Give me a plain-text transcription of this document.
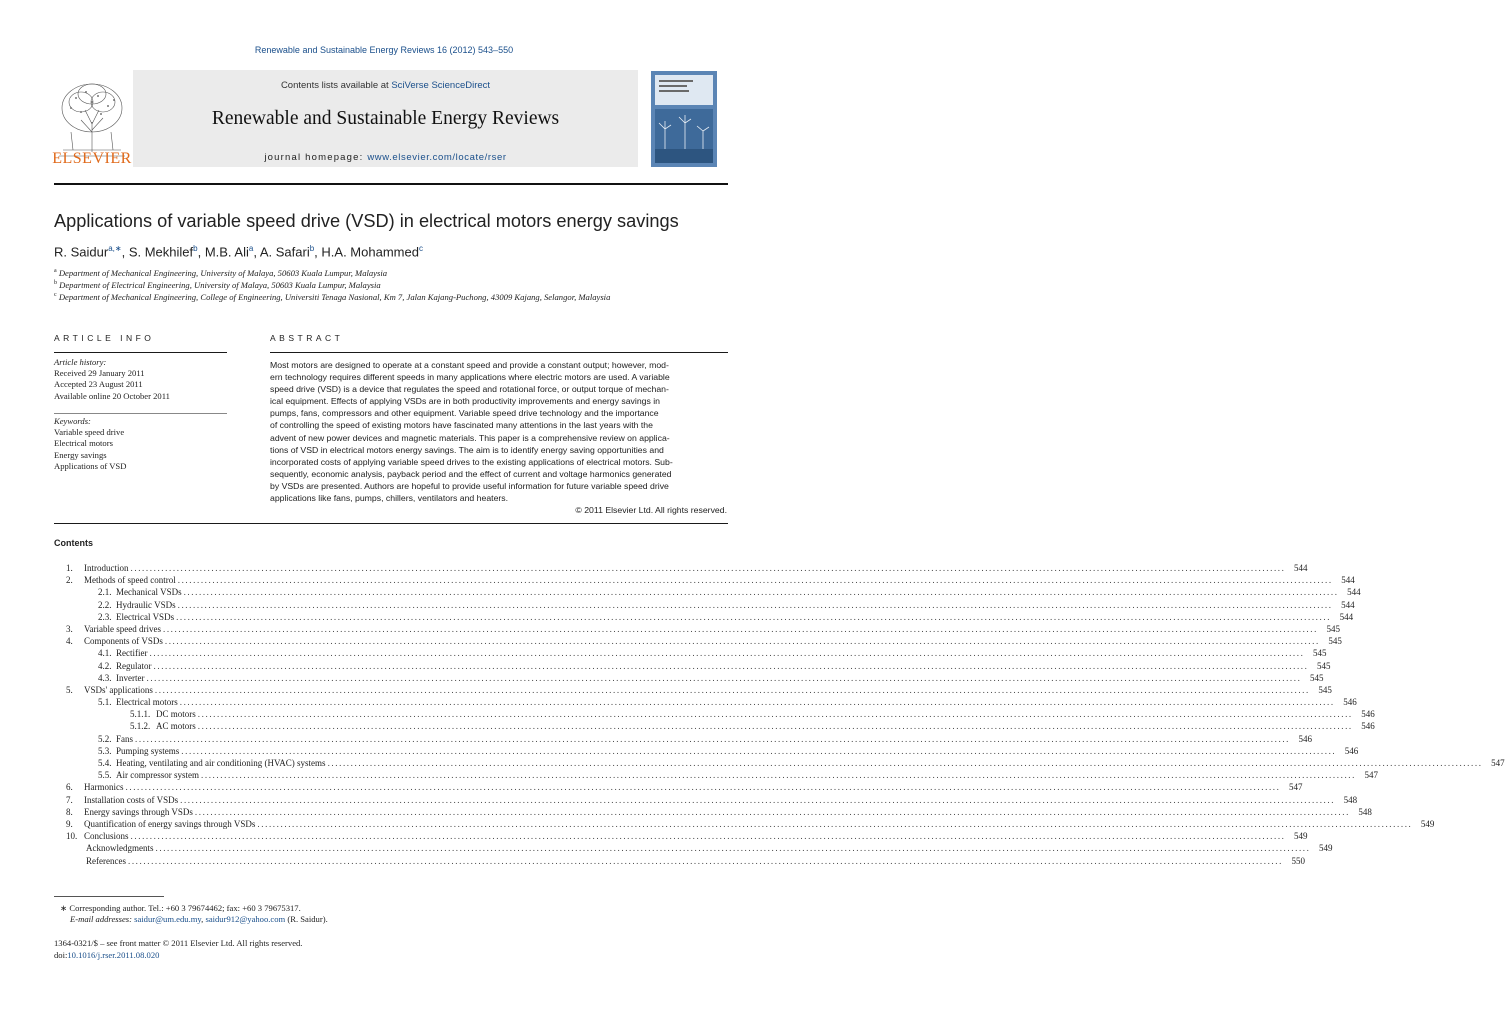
Renewable and Sustainable Energy Reviews 16 (2012) 543–550
ELSEVIER
Contents lists available at SciVerse ScienceDirect
Renewable and Sustainable Energy Reviews
journal homepage: www.elsevier.com/locate/rser
Applications of variable speed drive (VSD) in electrical motors energy savings
R. Saidur$^{a,∗}$, S. Mekhilef$^b$, M.B. Ali$^a$, A. Safari$^b$, H.A. Mohammed$^c$
$^a$ Department of Mechanical Engineering, University of Malaya, 50603 Kuala Lumpur, Malaysia
$^b$ Department of Electrical Engineering, University of Malaya, 50603 Kuala Lumpur, Malaysia
$^c$ Department of Mechanical Engineering, College of Engineering, Universiti Tenaga Nasional, Km 7, Jalan Kajang-Puchong, 43009 Kajang, Selangor, Malaysia
ARTICLE INFO
Article history:
Received 29 January 2011
Accepted 23 August 2011
Available online 20 October 2011
Keywords:
Variable speed drive
Electrical motors
Energy savings
Applications of VSD
ABSTRACT
Most motors are designed to operate at a constant speed and provide a constant output; however, mod-
ern technology requires different speeds in many applications where electric motors are used. A variable
speed drive (VSD) is a device that regulates the speed and rotational force, or output torque of mechan-
ical equipment. Effects of applying VSDs are in both productivity improvements and energy savings in
pumps, fans, compressors and other equipment. Variable speed drive technology and the importance
of controlling the speed of existing motors have fascinated many attentions in the last years with the
advent of new power devices and magnetic materials. This paper is a comprehensive review on applica-
tions of VSD in electrical motors energy savings. The aim is to identify energy saving opportunities and
incorporated costs of applying variable speed drives to the existing applications of electrical motors. Sub-
sequently, economic analysis, payback period and the effect of current and voltage harmonics generated
by VSDs are presented. Authors are hopeful to provide useful information for future variable speed drive
applications like fans, pumps, chillers, ventilators and heaters.
© 2011 Elsevier Ltd. All rights reserved.
Contents
1. Introduction ............................................................................................................................................................................................................................................................................................................ 544
2. Methods of speed control ............................................................................................................................................................................................................................................................................................................ 544
2.1. Mechanical VSDs ............................................................................................................................................................................................................................................................................................................ 544
2.2. Hydraulic VSDs ............................................................................................................................................................................................................................................................................................................ 544
2.3. Electrical VSDs ............................................................................................................................................................................................................................................................................................................ 544
3. Variable speed drives ............................................................................................................................................................................................................................................................................................................ 545
4. Components of VSDs ............................................................................................................................................................................................................................................................................................................ 545
4.1. Rectifier ............................................................................................................................................................................................................................................................................................................ 545
4.2. Regulator ............................................................................................................................................................................................................................................................................................................ 545
4.3. Inverter ............................................................................................................................................................................................................................................................................................................ 545
5. VSDs' applications ............................................................................................................................................................................................................................................................................................................ 545
5.1. Electrical motors ............................................................................................................................................................................................................................................................................................................ 546
5.1.1. DC motors ............................................................................................................................................................................................................................................................................................................ 546
5.1.2. AC motors ............................................................................................................................................................................................................................................................................................................ 546
5.2. Fans ............................................................................................................................................................................................................................................................................................................ 546
5.3. Pumping systems ............................................................................................................................................................................................................................................................................................................ 546
5.4. Heating, ventilating and air conditioning (HVAC) systems ............................................................................................................................................................................................................................................................................................................ 547
5.5. Air compressor system ............................................................................................................................................................................................................................................................................................................ 547
6. Harmonics ............................................................................................................................................................................................................................................................................................................ 547
7. Installation costs of VSDs ............................................................................................................................................................................................................................................................................................................ 548
8. Energy savings through VSDs ............................................................................................................................................................................................................................................................................................................ 548
9. Quantification of energy savings through VSDs ............................................................................................................................................................................................................................................................................................................ 549
10. Conclusions ............................................................................................................................................................................................................................................................................................................ 549
Acknowledgments ............................................................................................................................................................................................................................................................................................................ 549
References ............................................................................................................................................................................................................................................................................................................ 550
∗ Corresponding author. Tel.: +60 3 79674462; fax: +60 3 79675317.
E-mail addresses: saidur@um.edu.my, saidur912@yahoo.com (R. Saidur).
1364-0321/$ – see front matter © 2011 Elsevier Ltd. All rights reserved.
doi:10.1016/j.rser.2011.08.020
